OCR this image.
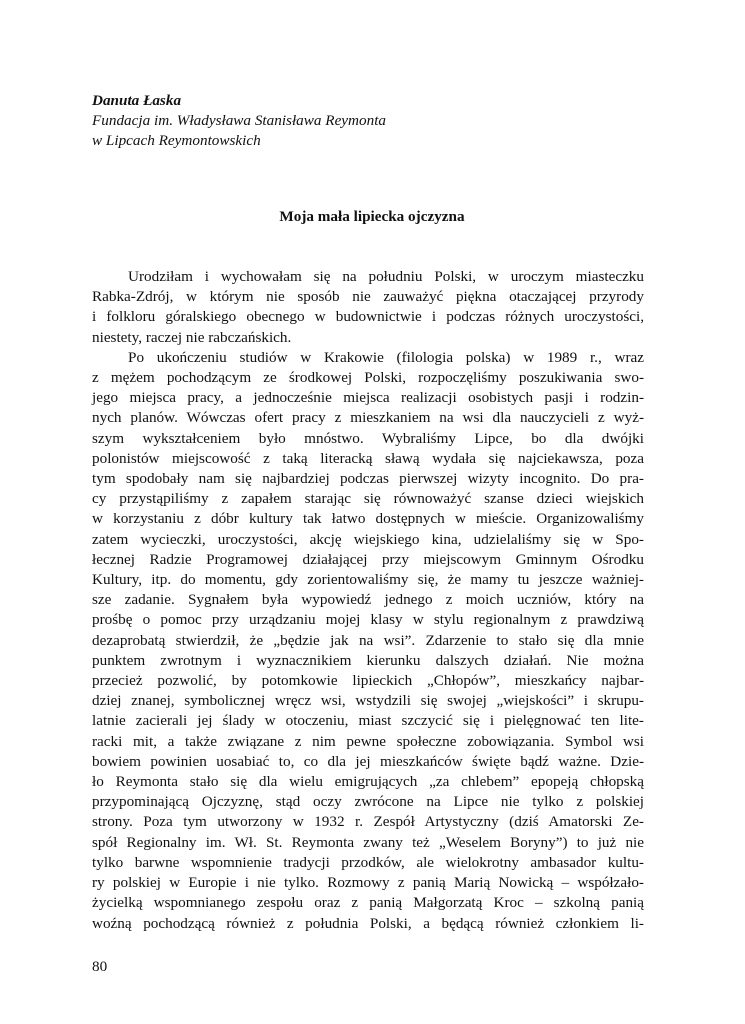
Danuta Łaska
Fundacja im. Władysława Stanisława Reymonta
w Lipcach Reymontowskich
Moja mała lipiecka ojczyzna
Urodziłam i wychowałam się na południu Polski, w uroczym miasteczku
Rabka-Zdrój, w którym nie sposób nie zauważyć piękna otaczającej przyrody
i folkloru góralskiego obecnego w budownictwie i podczas różnych uroczystości,
niestety, raczej nie rabczańskich.
Po ukończeniu studiów w Krakowie (filologia polska) w 1989 r., wraz
z mężem pochodzącym ze środkowej Polski, rozpoczęliśmy poszukiwania swo-
jego miejsca pracy, a jednocześnie miejsca realizacji osobistych pasji i rodzin-
nych planów. Wówczas ofert pracy z mieszkaniem na wsi dla nauczycieli z wyż-
szym wykształceniem było mnóstwo. Wybraliśmy Lipce, bo dla dwójki
polonistów miejscowość z taką literacką sławą wydała się najciekawsza, poza
tym spodobały nam się najbardziej podczas pierwszej wizyty incognito. Do pra-
cy przystąpiliśmy z zapałem starając się równoważyć szanse dzieci wiejskich
w korzystaniu z dóbr kultury tak łatwo dostępnych w mieście. Organizowaliśmy
zatem wycieczki, uroczystości, akcję wiejskiego kina, udzielaliśmy się w Spo-
łecznej Radzie Programowej działającej przy miejscowym Gminnym Ośrodku
Kultury, itp. do momentu, gdy zorientowaliśmy się, że mamy tu jeszcze ważniej-
sze zadanie. Sygnałem była wypowiedź jednego z moich uczniów, który na
prośbę o pomoc przy urządzaniu mojej klasy w stylu regionalnym z prawdziwą
dezaprobatą stwierdził, że „będzie jak na wsi”. Zdarzenie to stało się dla mnie
punktem zwrotnym i wyznacznikiem kierunku dalszych działań. Nie można
przecież pozwolić, by potomkowie lipieckich „Chłopów”, mieszkańcy najbar-
dziej znanej, symbolicznej wręcz wsi, wstydzili się swojej „wiejskości” i skrupu-
latnie zacierali jej ślady w otoczeniu, miast szczycić się i pielęgnować ten lite-
racki mit, a także związane z nim pewne społeczne zobowiązania. Symbol wsi
bowiem powinien uosabiać to, co dla jej mieszkańców święte bądź ważne. Dzie-
ło Reymonta stało się dla wielu emigrujących „za chlebem” epopeją chłopską
przypominającą Ojczyznę, stąd oczy zwrócone na Lipce nie tylko z polskiej
strony. Poza tym utworzony w 1932 r. Zespół Artystyczny (dziś Amatorski Ze-
spół Regionalny im. Wł. St. Reymonta zwany też „Weselem Boryny”) to już nie
tylko barwne wspomnienie tradycji przodków, ale wielokrotny ambasador kultu-
ry polskiej w Europie i nie tylko. Rozmowy z panią Marią Nowicką – współzało-
życielką wspomnianego zespołu oraz z panią Małgorzatą Kroc – szkolną panią
woźną pochodzącą również z południa Polski, a będącą również członkiem li-
80
